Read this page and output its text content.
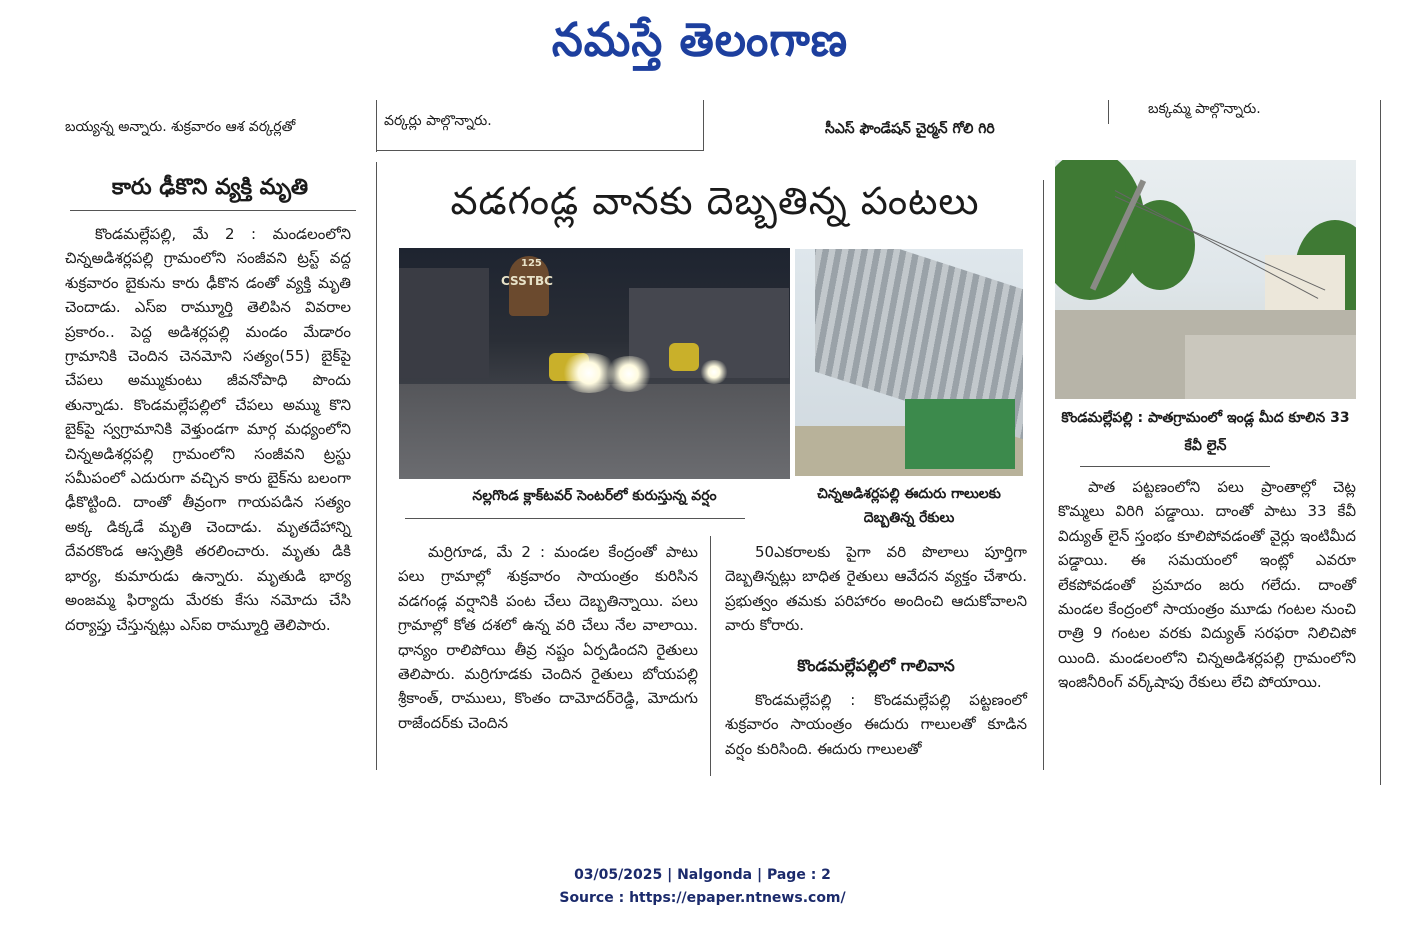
నమస్తే తెలంగాణ
బయ్యన్న అన్నారు. శుక్రవారం ఆశ వర్కర్లతో	వర్కర్లు పాల్గొన్నారు.	సీఎస్ ఫౌండేషన్ చైర్మన్ గోలి గిరి
బక్కమ్మ పాల్గొన్నారు.
కారు ఢీకొని వ్యక్తి మృతి
కొండమల్లేపల్లి, మే 2 : మండలంలోని చిన్నఅడిశర్లపల్లి గ్రామంలోని సంజీవని ట్రస్ట్ వద్ద శుక్రవారం బైకును కారు ఢీకొన డంతో వ్యక్తి మృతి చెందాడు. ఎస్ఐ రామ్మూర్తి తెలిపిన వివరాల ప్రకారం.. పెద్ద అడిశర్లపల్లి మండం మేడారం గ్రామానికి చెందిన చెనమోని సత్యం(55) బైక్‌పై చేపలు అమ్ముకుంటు జీవనోపాధి పొందు తున్నాడు. కొండమల్లేపల్లిలో చేపలు అమ్ము కొని బైక్‌పై స్వగ్రామానికి వెళ్తుండగా మార్గ మధ్యంలోని చిన్నఅడిశర్లపల్లి గ్రామంలోని సంజీవని ట్రస్టు సమీపంలో ఎదురుగా వచ్చిన కారు బైక్‌ను బలంగా ఢీకొట్టింది. దాంతో తీవ్రంగా గాయపడిన సత్యం అక్క డిక్కడే మృతి చెందాడు. మృతదేహాన్ని దేవరకొండ ఆస్పత్రికి తరలించారు. మృతు డికి భార్య, కుమారుడు ఉన్నారు. మృతుడి భార్య అంజమ్మ ఫిర్యాదు మేరకు కేసు నమోదు చేసి దర్యాప్తు చేస్తున్నట్లు ఎస్ఐ రామ్మూర్తి తెలిపారు.
వడగండ్ల వానకు దెబ్బతిన్న పంటలు
CSSTBC
125
నల్లగొండ క్లాక్‌టవర్ సెంటర్‌లో కురుస్తున్న వర్షం	చిన్నఅడిశర్లపల్లి ఈదురు గాలులకు దెబ్బతిన్న రేకులు
మర్రిగూడ, మే 2 : మండల కేంద్రంతో పాటు పలు గ్రామాల్లో శుక్రవారం సాయంత్రం కురిసిన వడగండ్ల వర్షానికి పంట చేలు దెబ్బతిన్నాయి. పలు గ్రామాల్లో కోత దశలో ఉన్న వరి చేలు నేల వాలాయి. ధాన్యం రాలిపోయి తీవ్ర నష్టం ఏర్పడిందని రైతులు తెలిపారు. మర్రిగూడకు చెందిన రైతులు బోయపల్లి శ్రీకాంత్, రాములు, కొంతం దామోదర్‌రెడ్డి, మోదుగు రాజేందర్‌కు చెందిన
50ఎకరాలకు పైగా వరి పొలాలు పూర్తిగా దెబ్బతిన్నట్లు బాధిత రైతులు ఆవేదన వ్యక్తం చేశారు. ప్రభుత్వం తమకు పరిహారం అందించి ఆదుకోవాలని వారు కోరారు.
కొండమల్లేపల్లిలో గాలివాన
కొండమల్లేపల్లి : కొండమల్లేపల్లి పట్టణంలో శుక్రవారం సాయంత్రం ఈదురు గాలులతో కూడిన వర్షం కురిసింది. ఈదురు గాలులతో
కొండమల్లేపల్లి : పాతగ్రామంలో ఇండ్ల మీద కూలిన 33 కేవీ లైన్
పాత పట్టణంలోని పలు ప్రాంతాల్లో చెట్ల కొమ్మలు విరిగి పడ్డాయి. దాంతో పాటు 33 కేవీ విద్యుత్ లైన్ స్తంభం కూలిపోవడంతో వైర్లు ఇంటిమీద పడ్డాయి. ఈ సమయంలో ఇంట్లో ఎవరూ లేకపోవడంతో ప్రమాదం జరు గలేదు. దాంతో మండల కేంద్రంలో సాయంత్రం మూడు గంటల నుంచి రాత్రి 9 గంటల వరకు విద్యుత్ సరఫరా నిలిచిపో యింది. మండలంలోని చిన్నఅడిశర్లపల్లి గ్రామంలోని ఇంజినీరింగ్ వర్క్‌షాపు రేకులు లేచి పోయాయి.
03/05/2025 | Nalgonda | Page : 2
Source : https://epaper.ntnews.com/
